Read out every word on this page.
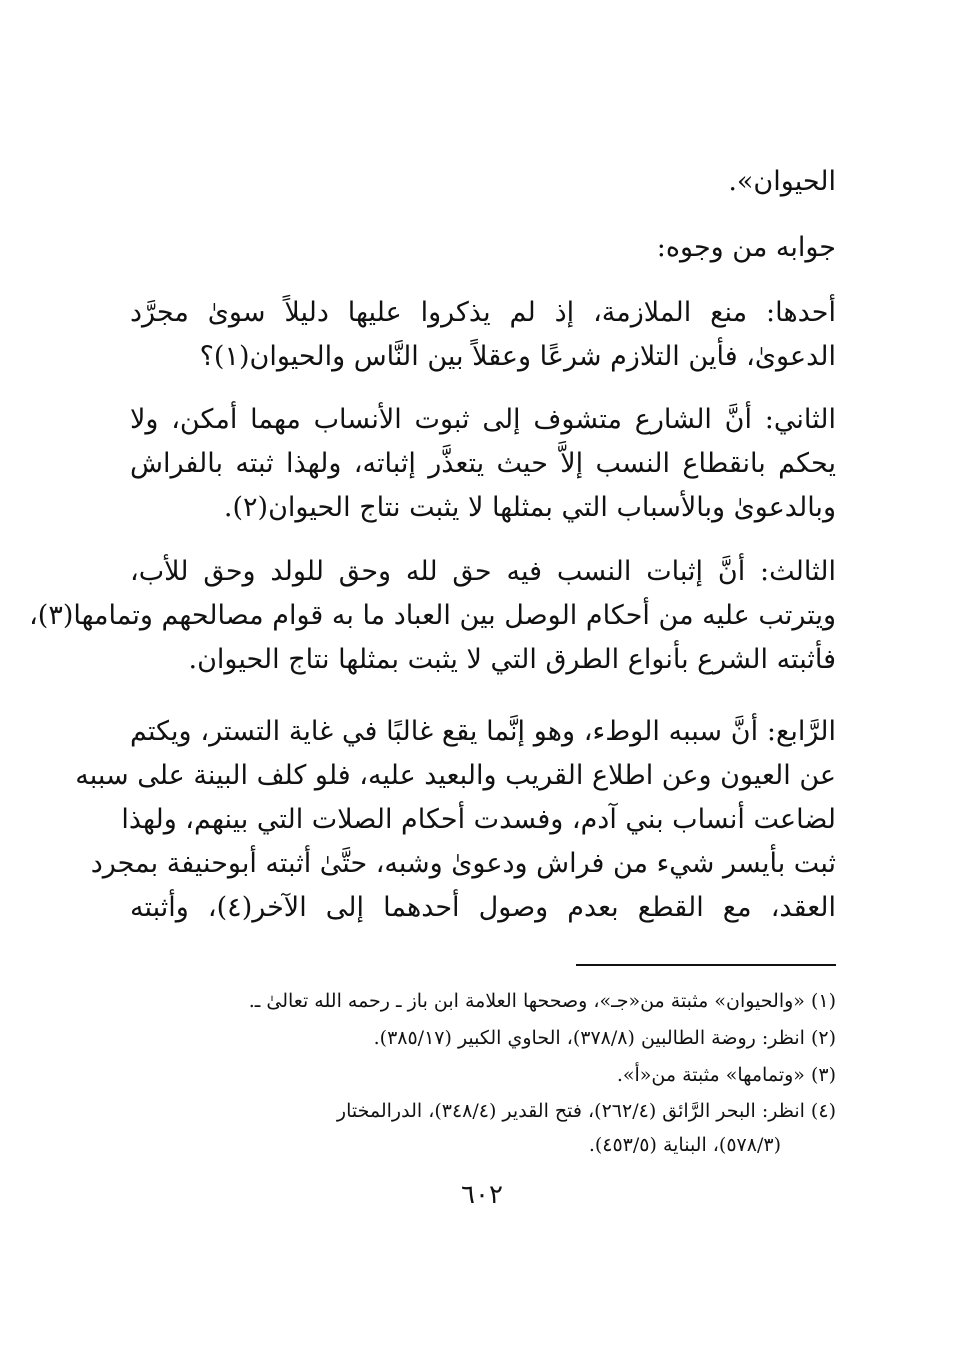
الحيوان».
جوابه من وجوه:
أحدها: منع الملازمة، إذ لم يذكروا عليها دليلاً سوىٰ مجرَّد
الدعوىٰ، فأين التلازم شرعًا وعقلاً بين النَّاس والحيوان(١)؟
الثاني: أنَّ الشارع متشوف إلى ثبوت الأنساب مهما أمكن، ولا
يحكم بانقطاع النسب إلاَّ حيث يتعذَّر إثباته، ولهذا ثبته بالفراش
وبالدعوىٰ وبالأسباب التي بمثلها لا يثبت نتاج الحيوان(٢).
الثالث: أنَّ إثبات النسب فيه حق لله وحق للولد وحق للأب،
ويترتب عليه من أحكام الوصل بين العباد ما به قوام مصالحهم وتمامها(٣)،
فأثبته الشرع بأنواع الطرق التي لا يثبت بمثلها نتاج الحيوان.
الرَّابع: أنَّ سببه الوطء، وهو إنَّما يقع غالبًا في غاية التستر، ويكتم
عن العيون وعن اطلاع القريب والبعيد عليه، فلو كلف البينة على سببه
لضاعت أنساب بني آدم، وفسدت أحكام الصلات التي بينهم، ولهذا
ثبت بأيسر شيء من فراش ودعوىٰ وشبه، حتَّىٰ أثبته أبوحنيفة بمجرد
العقد، مع القطع بعدم وصول أحدهما إلى الآخر(٤)، وأثبته
(١) «والحيوان» مثبتة من«جـ»، وصححها العلامة ابن باز ـ رحمه الله تعالىٰ ـ.
(٢) انظر: روضة الطالبين (٣٧٨/٨)، الحاوي الكبير (٣٨٥/١٧).
(٣) «وتمامها» مثبتة من«أ».
(٤) انظر: البحر الرَّائق (٢٦٢/٤)، فتح القدير (٣٤٨/٤)، الدرالمختار
(٥٧٨/٣)، البناية (٤٥٣/٥).
٦٠٢
